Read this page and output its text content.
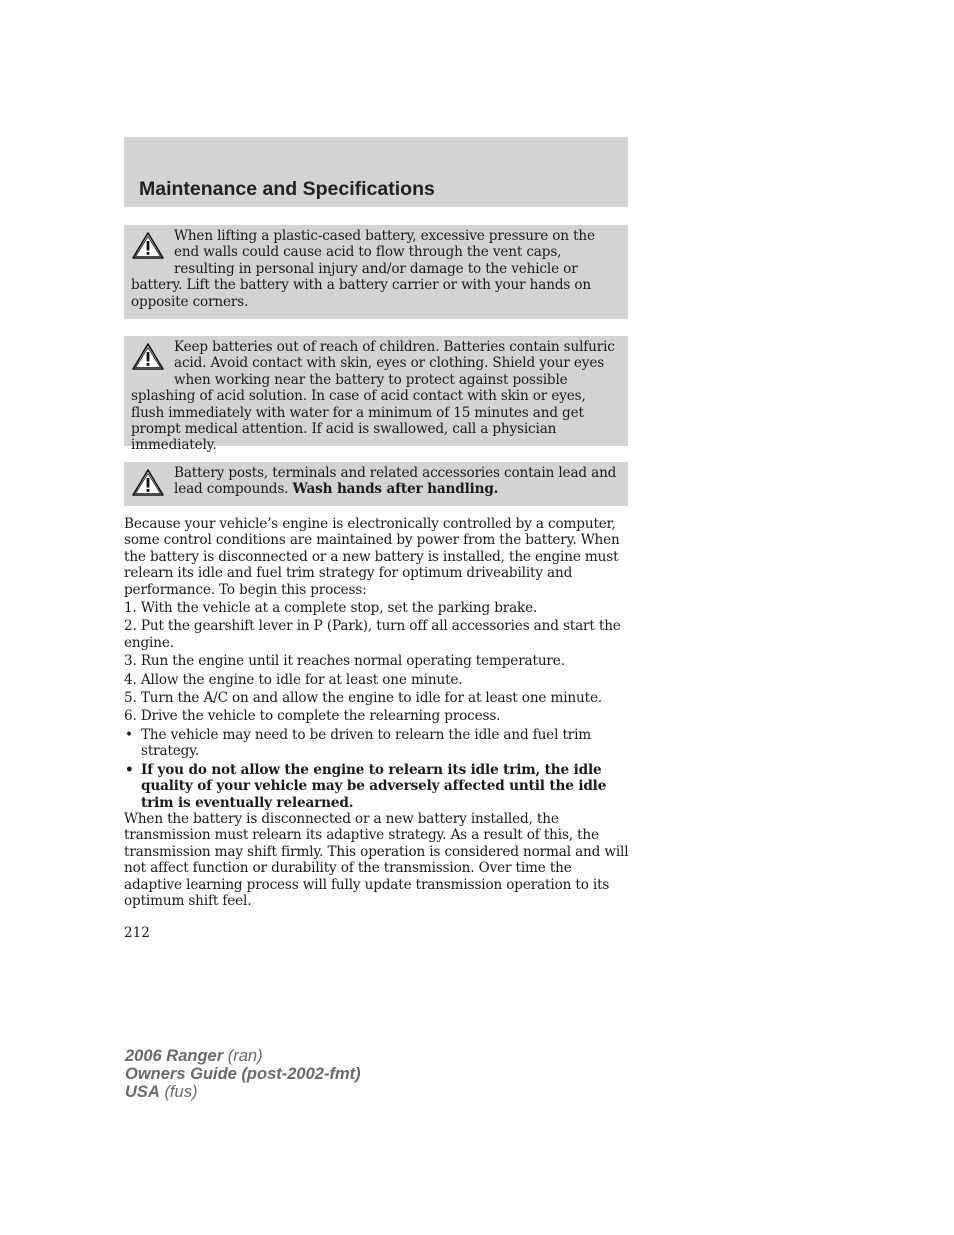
Maintenance and Specifications

When lifting a plastic-cased battery, excessive pressure on the end walls could cause acid to flow through the vent caps, resulting in personal injury and/or damage to the vehicle or battery. Lift the battery with a battery carrier or with your hands on opposite corners.

Keep batteries out of reach of children. Batteries contain sulfuric acid. Avoid contact with skin, eyes or clothing. Shield your eyes when working near the battery to protect against possible splashing of acid solution. In case of acid contact with skin or eyes, flush immediately with water for a minimum of 15 minutes and get prompt medical attention. If acid is swallowed, call a physician immediately.

Battery posts, terminals and related accessories contain lead and lead compounds. Wash hands after handling.

Because your vehicle’s engine is electronically controlled by a computer, some control conditions are maintained by power from the battery. When the battery is disconnected or a new battery is installed, the engine must relearn its idle and fuel trim strategy for optimum driveability and performance. To begin this process:

1. With the vehicle at a complete stop, set the parking brake.

2. Put the gearshift lever in P (Park), turn off all accessories and start the engine.

3. Run the engine until it reaches normal operating temperature.

4. Allow the engine to idle for at least one minute.

5. Turn the A/C on and allow the engine to idle for at least one minute.

6. Drive the vehicle to complete the relearning process.

• The vehicle may need to be driven to relearn the idle and fuel trim strategy.

• If you do not allow the engine to relearn its idle trim, the idle quality of your vehicle may be adversely affected until the idle trim is eventually relearned.

When the battery is disconnected or a new battery installed, the transmission must relearn its adaptive strategy. As a result of this, the transmission may shift firmly. This operation is considered normal and will not affect function or durability of the transmission. Over time the adaptive learning process will fully update transmission operation to its optimum shift feel.

212
2006 Ranger (ran)
Owners Guide (post-2002-fmt)
USA (fus)
